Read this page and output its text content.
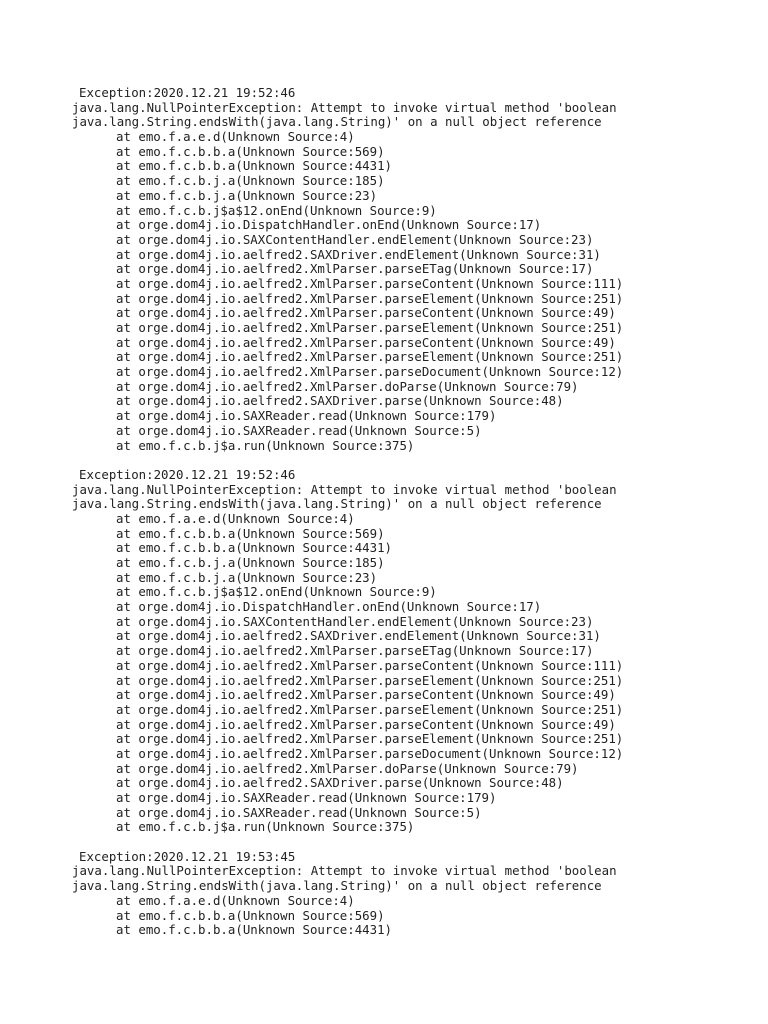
Exception:2020.12.21 19:52:46
java.lang.NullPointerException: Attempt to invoke virtual method 'boolean
java.lang.String.endsWith(java.lang.String)' on a null object reference
at emo.f.a.e.d(Unknown Source:4)
at emo.f.c.b.b.a(Unknown Source:569)
at emo.f.c.b.b.a(Unknown Source:4431)
at emo.f.c.b.j.a(Unknown Source:185)
at emo.f.c.b.j.a(Unknown Source:23)
at emo.f.c.b.j$a$12.onEnd(Unknown Source:9)
at orge.dom4j.io.DispatchHandler.onEnd(Unknown Source:17)
at orge.dom4j.io.SAXContentHandler.endElement(Unknown Source:23)
at orge.dom4j.io.aelfred2.SAXDriver.endElement(Unknown Source:31)
at orge.dom4j.io.aelfred2.XmlParser.parseETag(Unknown Source:17)
at orge.dom4j.io.aelfred2.XmlParser.parseContent(Unknown Source:111)
at orge.dom4j.io.aelfred2.XmlParser.parseElement(Unknown Source:251)
at orge.dom4j.io.aelfred2.XmlParser.parseContent(Unknown Source:49)
at orge.dom4j.io.aelfred2.XmlParser.parseElement(Unknown Source:251)
at orge.dom4j.io.aelfred2.XmlParser.parseContent(Unknown Source:49)
at orge.dom4j.io.aelfred2.XmlParser.parseElement(Unknown Source:251)
at orge.dom4j.io.aelfred2.XmlParser.parseDocument(Unknown Source:12)
at orge.dom4j.io.aelfred2.XmlParser.doParse(Unknown Source:79)
at orge.dom4j.io.aelfred2.SAXDriver.parse(Unknown Source:48)
at orge.dom4j.io.SAXReader.read(Unknown Source:179)
at orge.dom4j.io.SAXReader.read(Unknown Source:5)
at emo.f.c.b.j$a.run(Unknown Source:375)
Exception:2020.12.21 19:52:46
java.lang.NullPointerException: Attempt to invoke virtual method 'boolean
java.lang.String.endsWith(java.lang.String)' on a null object reference
at emo.f.a.e.d(Unknown Source:4)
at emo.f.c.b.b.a(Unknown Source:569)
at emo.f.c.b.b.a(Unknown Source:4431)
at emo.f.c.b.j.a(Unknown Source:185)
at emo.f.c.b.j.a(Unknown Source:23)
at emo.f.c.b.j$a$12.onEnd(Unknown Source:9)
at orge.dom4j.io.DispatchHandler.onEnd(Unknown Source:17)
at orge.dom4j.io.SAXContentHandler.endElement(Unknown Source:23)
at orge.dom4j.io.aelfred2.SAXDriver.endElement(Unknown Source:31)
at orge.dom4j.io.aelfred2.XmlParser.parseETag(Unknown Source:17)
at orge.dom4j.io.aelfred2.XmlParser.parseContent(Unknown Source:111)
at orge.dom4j.io.aelfred2.XmlParser.parseElement(Unknown Source:251)
at orge.dom4j.io.aelfred2.XmlParser.parseContent(Unknown Source:49)
at orge.dom4j.io.aelfred2.XmlParser.parseElement(Unknown Source:251)
at orge.dom4j.io.aelfred2.XmlParser.parseContent(Unknown Source:49)
at orge.dom4j.io.aelfred2.XmlParser.parseElement(Unknown Source:251)
at orge.dom4j.io.aelfred2.XmlParser.parseDocument(Unknown Source:12)
at orge.dom4j.io.aelfred2.XmlParser.doParse(Unknown Source:79)
at orge.dom4j.io.aelfred2.SAXDriver.parse(Unknown Source:48)
at orge.dom4j.io.SAXReader.read(Unknown Source:179)
at orge.dom4j.io.SAXReader.read(Unknown Source:5)
at emo.f.c.b.j$a.run(Unknown Source:375)
Exception:2020.12.21 19:53:45
java.lang.NullPointerException: Attempt to invoke virtual method 'boolean
java.lang.String.endsWith(java.lang.String)' on a null object reference
at emo.f.a.e.d(Unknown Source:4)
at emo.f.c.b.b.a(Unknown Source:569)
at emo.f.c.b.b.a(Unknown Source:4431)
